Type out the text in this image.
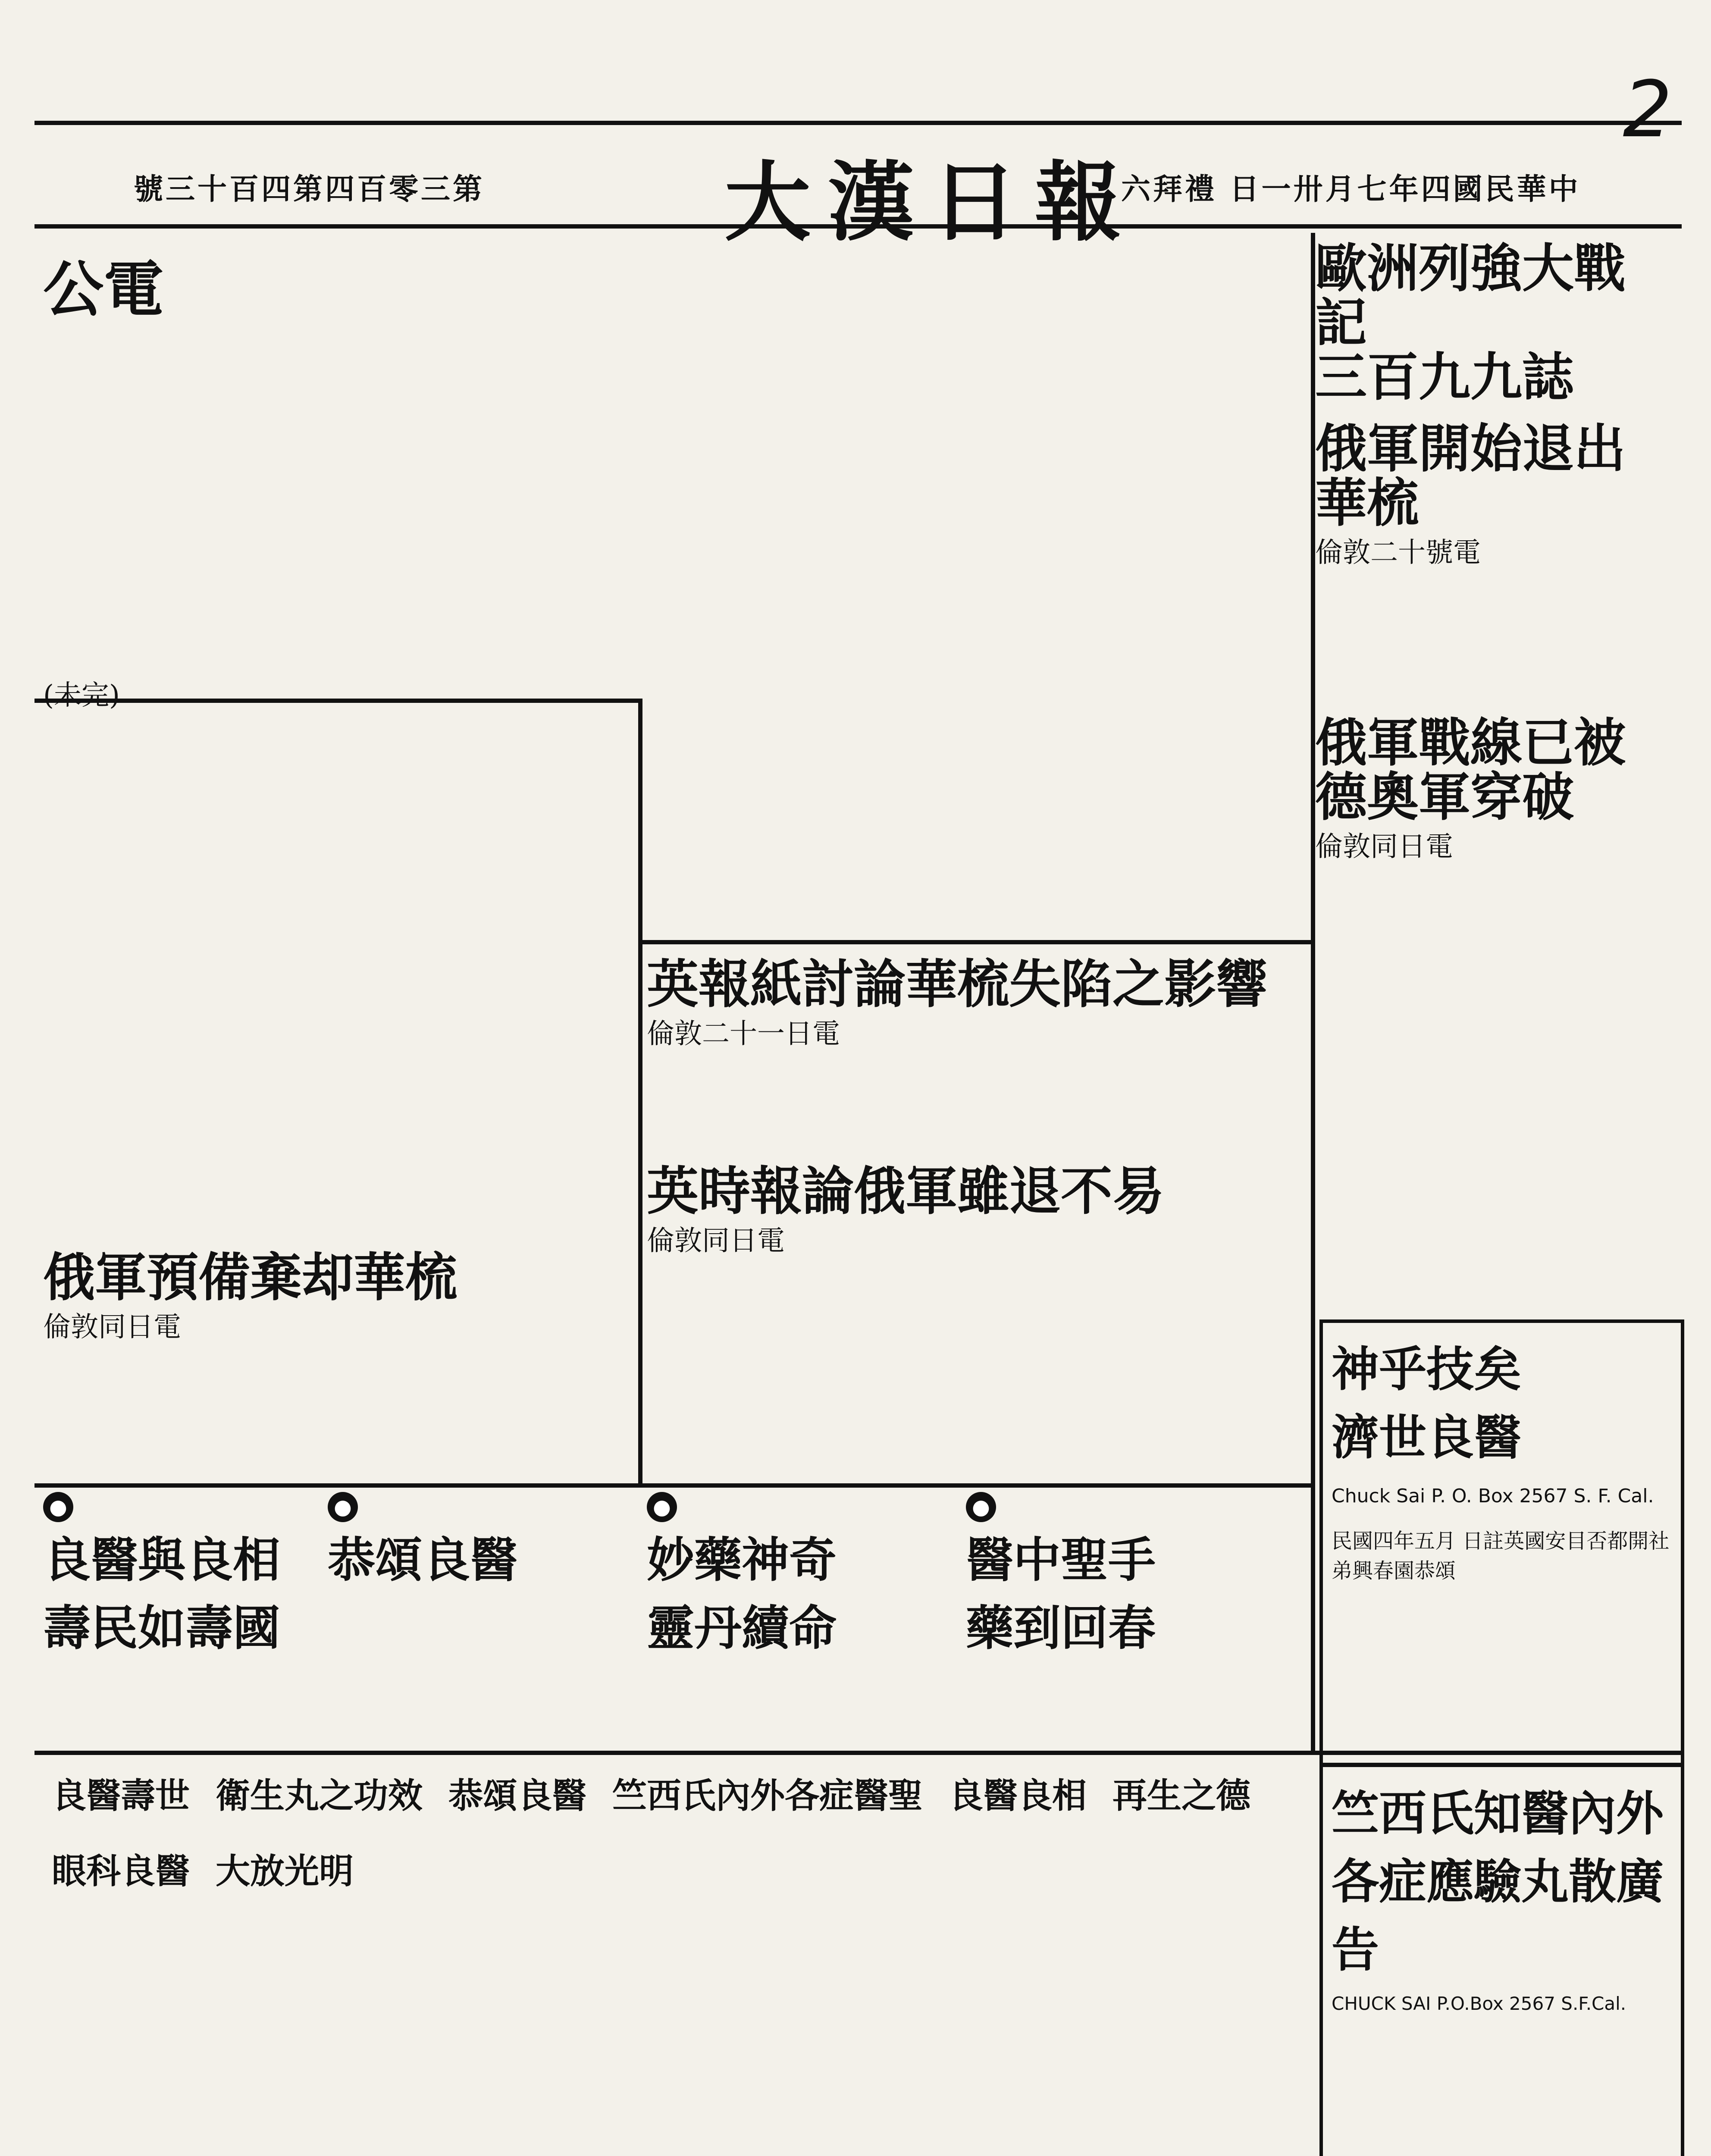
2
號三十百四第四百零三第	大漢日報
六拜禮 日一卅月七年四國民華中
歐洲列強大戰記
三百九九誌
俄軍開始退出華梳
倫敦二十號電
俄軍戰線已被德奧軍穿破
倫敦同日電
英報紙討論華梳失陷之影響
倫敦二十一日電
英時報論俄軍雖退不易
倫敦同日電
俄軍預備棄却華梳
倫敦同日電
公電
(未完)
神乎技矣
濟世良醫
Chuck Sai P. O. Box 2567 S. F. Cal.
民國四年五月 日註英國安目否都開社弟興春園恭頌
●
醫中聖手
藥到回春
●
妙藥神奇
靈丹續命
●
恭頌良醫
●
良醫與良相
壽民如壽國
竺西氏知醫內外各症應驗丸散廣告
CHUCK SAI P.O.Box 2567 S.F.Cal.
良醫壽世 衛生丸之功效 恭頌良醫 竺西氏內外各症醫聖 良醫良相 再生之德
眼科良醫 大放光明
